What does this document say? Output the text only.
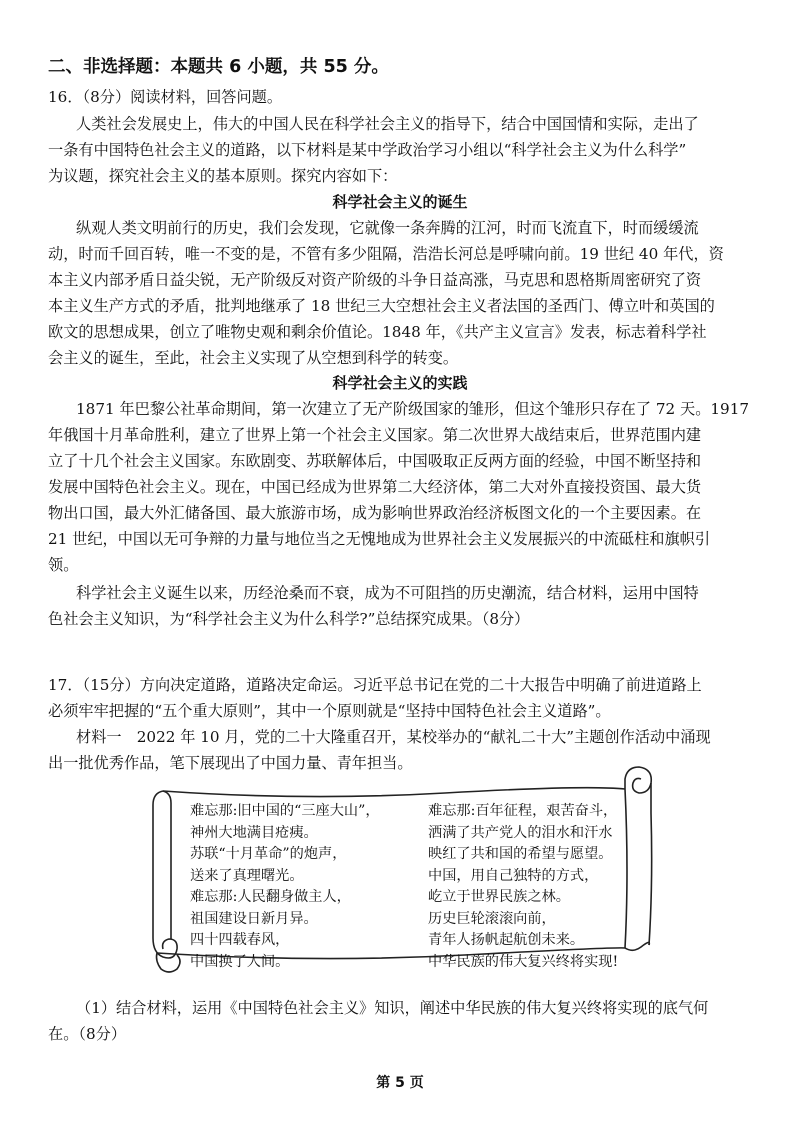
二、非选择题：本题共 6 小题，共 55 分。
16．（8分）阅读材料，回答问题。
人类社会发展史上，伟大的中国人民在科学社会主义的指导下，结合中国国情和实际，走出了
一条有中国特色社会主义的道路，以下材料是某中学政治学习小组以“科学社会主义为什么科学”
为议题，探究社会主义的基本原则。探究内容如下：
科学社会主义的诞生
纵观人类文明前行的历史，我们会发现，它就像一条奔腾的江河，时而飞流直下，时而缓缓流
动，时而千回百转，唯一不变的是，不管有多少阻隔，浩浩长河总是呼啸向前。19 世纪 40 年代，资
本主义内部矛盾日益尖锐，无产阶级反对资产阶级的斗争日益高涨，马克思和恩格斯周密研究了资
本主义生产方式的矛盾，批判地继承了 18 世纪三大空想社会主义者法国的圣西门、傅立叶和英国的
欧文的思想成果，创立了唯物史观和剩余价值论。1848 年，《共产主义宣言》发表，标志着科学社
会主义的诞生，至此，社会主义实现了从空想到科学的转变。
科学社会主义的实践
1871 年巴黎公社革命期间，第一次建立了无产阶级国家的雏形，但这个雏形只存在了 72 天。1917
年俄国十月革命胜利，建立了世界上第一个社会主义国家。第二次世界大战结束后，世界范围内建
立了十几个社会主义国家。东欧剧变、苏联解体后，中国吸取正反两方面的经验，中国不断坚持和
发展中国特色社会主义。现在，中国已经成为世界第二大经济体，第二大对外直接投资国、最大货
物出口国，最大外汇储备国、最大旅游市场，成为影响世界政治经济板图文化的一个主要因素。在
21 世纪，中国以无可争辩的力量与地位当之无愧地成为世界社会主义发展振兴的中流砥柱和旗帜引
领。
科学社会主义诞生以来，历经沧桑而不衰，成为不可阻挡的历史潮流，结合材料，运用中国特
色社会主义知识，为“科学社会主义为什么科学?”总结探究成果。（8分）
17．（15分）方向决定道路，道路决定命运。习近平总书记在党的二十大报告中明确了前进道路上
必须牢牢把握的“五个重大原则”，其中一个原则就是“坚持中国特色社会主义道路”。
材料一　2022 年 10 月，党的二十大隆重召开，某校举办的“献礼二十大”主题创作活动中涌现
出一批优秀作品，笔下展现出了中国力量、青年担当。
难忘那:旧中国的“三座大山”，
神州大地满目疮痍。
苏联“十月革命”的炮声，
送来了真理曙光。
难忘那:人民翻身做主人，
祖国建设日新月异。
四十四载春风，
中国换了人间。
难忘那:百年征程，艰苦奋斗，
洒满了共产党人的泪水和汗水
映红了共和国的希望与愿望。
中国，用自己独特的方式，
屹立于世界民族之林。
历史巨轮滚滚向前，
青年人扬帆起航创未来。
中华民族的伟大复兴终将实现!
（1）结合材料，运用《中国特色社会主义》知识，阐述中华民族的伟大复兴终将实现的底气何
在。（8分）
第 5 页
